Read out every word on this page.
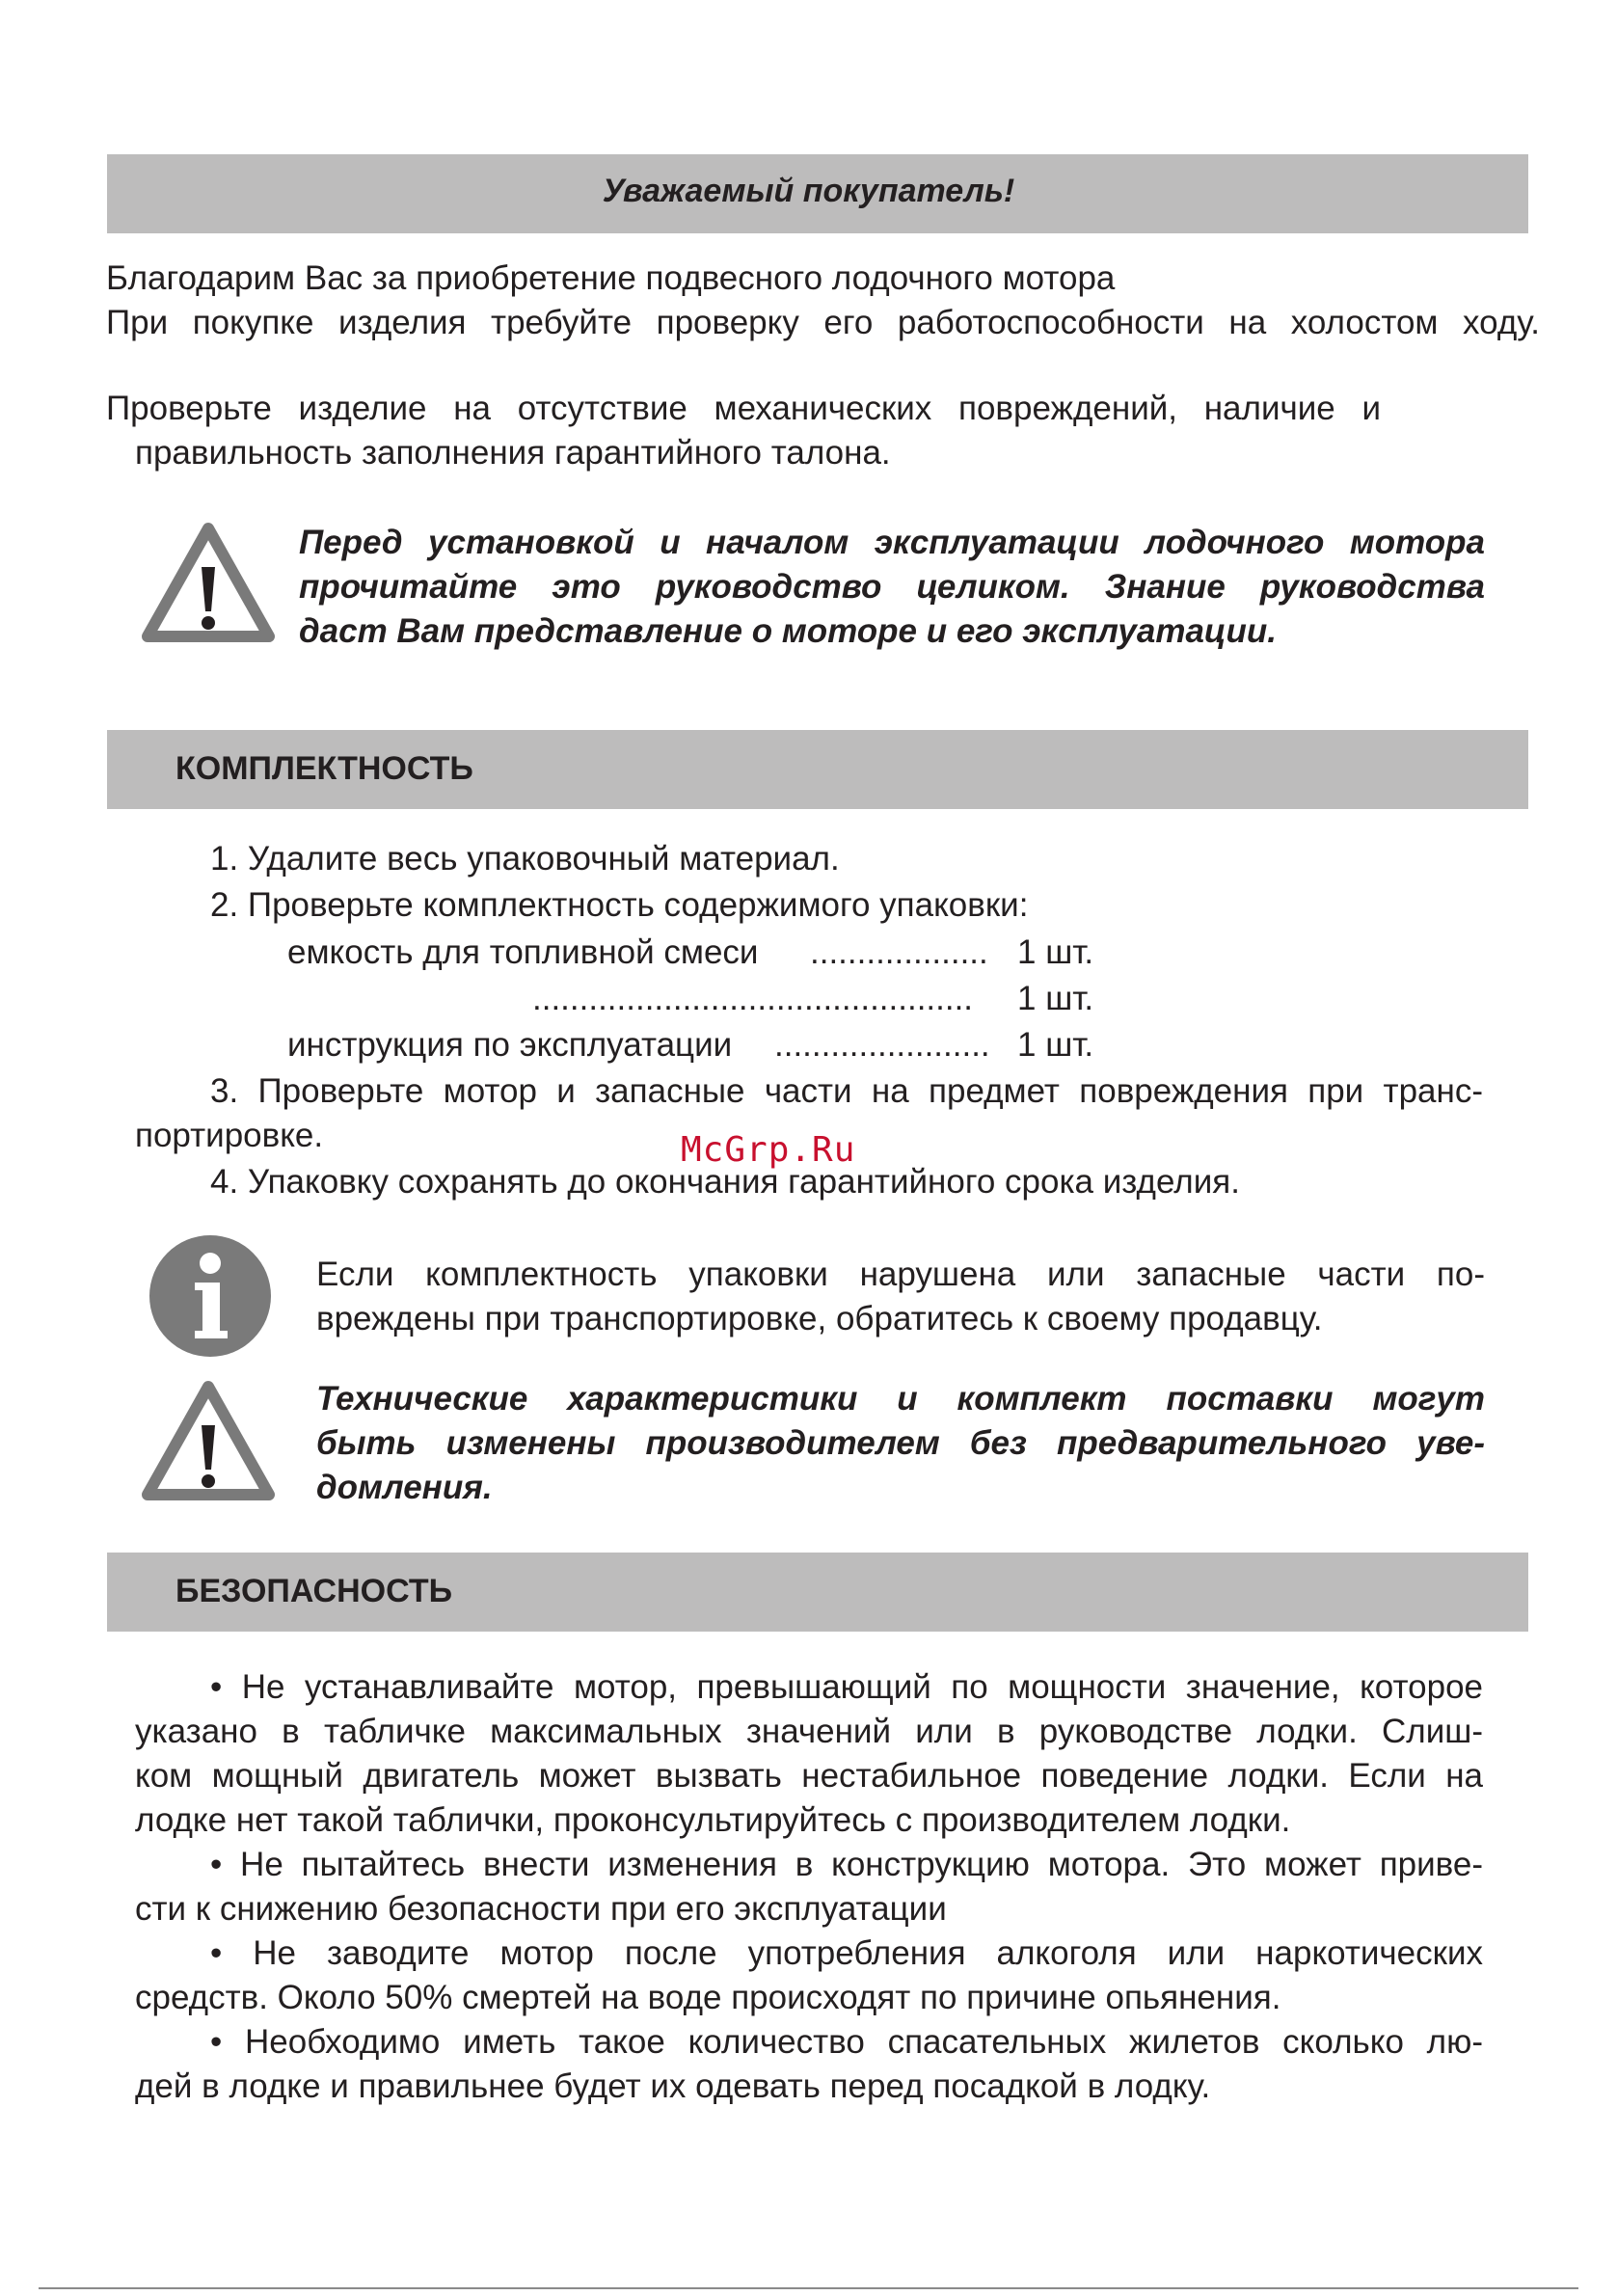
Уважаемый покупатель!
Благодарим Вас за приобретение подвесного лодочного мотора
При покупке изделия требуйте проверку его работоспособности на холостом ходу.
Проверьте изделие на отсутствие механических повреждений, наличие и
правильность заполнения гарантийного талона.
Перед установкой и началом эксплуатации лодочного мотора
прочитайте это руководство целиком. Знание руководства
даст Вам представление о моторе и его эксплуатации.
КОМПЛЕКТНОСТЬ
1. Удалите весь упаковочный материал.
2. Проверьте комплектность содержимого упаковки:
емкость для топливной смеси ................... 1 шт.
............................................... 1 шт.
инструкция по эксплуатации ....................... 1 шт.
3. Проверьте мотор и запасные части на предмет повреждения при транс-
портировке.
4. Упаковку сохранять до окончания гарантийного срока изделия.
Если комплектность упаковки нарушена или запасные части по-
вреждены при транспортировке, обратитесь к своему продавцу.
Технические характеристики и комплект поставки могут
быть изменены производителем без предварительного уве-
домления.
БЕЗОПАСНОСТЬ
• Не устанавливайте мотор, превышающий по мощности значение, которое
указано в табличке максимальных значений или в руководстве лодки. Слиш-
ком мощный двигатель может вызвать нестабильное поведение лодки. Если на
лодке нет такой таблички, проконсультируйтесь с производителем лодки.
• Не пытайтесь внести изменения в конструкцию мотора. Это может приве-
сти к снижению безопасности при его эксплуатации
• Не заводите мотор после употребления алкоголя или наркотических
средств. Около 50% смертей на воде происходят по причине опьянения.
• Необходимо иметь такое количество спасательных жилетов сколько лю-
дей в лодке и правильнее будет их одевать перед посадкой в лодку.
McGrp.Ru
